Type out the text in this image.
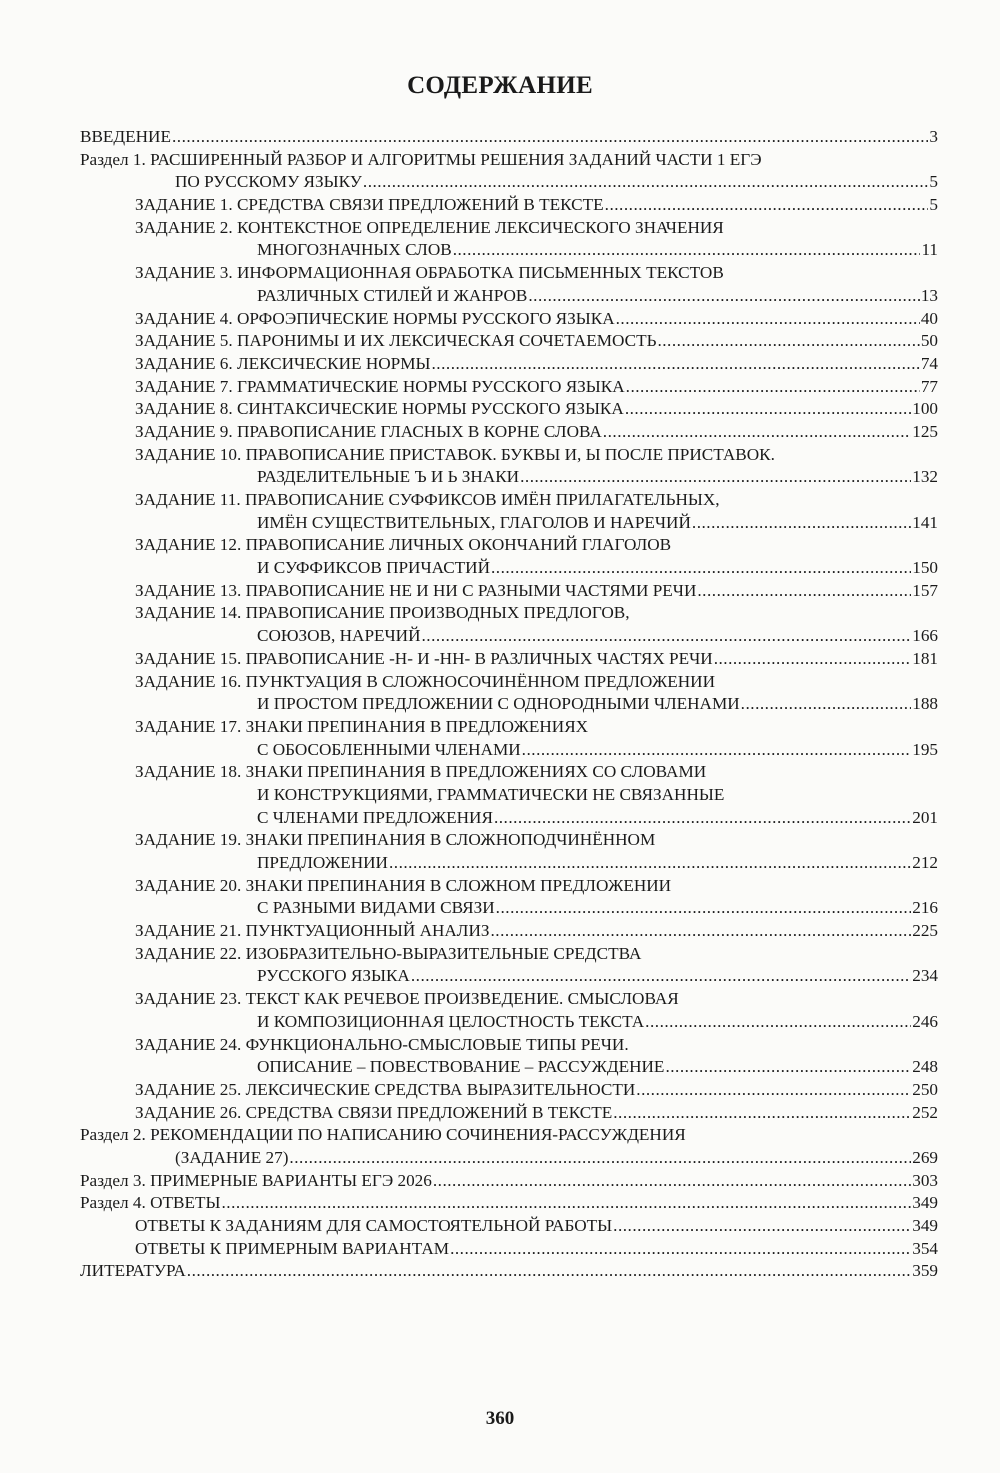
СОДЕРЖАНИЕ
ВВЕДЕНИЕ .....	3
Раздел 1. РАСШИРЕННЫЙ РАЗБОР И АЛГОРИТМЫ РЕШЕНИЯ ЗАДАНИЙ ЧАСТИ 1 ЕГЭ
ПО РУССКОМУ ЯЗЫКУ .....	5
ЗАДАНИЕ 1. СРЕДСТВА СВЯЗИ ПРЕДЛОЖЕНИЙ В ТЕКСТЕ .....	5
ЗАДАНИЕ 2. КОНТЕКСТНОЕ ОПРЕДЕЛЕНИЕ ЛЕКСИЧЕСКОГО ЗНАЧЕНИЯ
МНОГОЗНАЧНЫХ СЛОВ .....	11
ЗАДАНИЕ 3. ИНФОРМАЦИОННАЯ ОБРАБОТКА ПИСЬМЕННЫХ ТЕКСТОВ
РАЗЛИЧНЫХ СТИЛЕЙ И ЖАНРОВ .....	13
ЗАДАНИЕ 4. ОРФОЭПИЧЕСКИЕ НОРМЫ РУССКОГО ЯЗЫКА .....	40
ЗАДАНИЕ 5. ПАРОНИМЫ И ИХ ЛЕКСИЧЕСКАЯ СОЧЕТАЕМОСТЬ .....	50
ЗАДАНИЕ 6. ЛЕКСИЧЕСКИЕ НОРМЫ .....	74
ЗАДАНИЕ 7. ГРАММАТИЧЕСКИЕ НОРМЫ РУССКОГО ЯЗЫКА .....	77
ЗАДАНИЕ 8. СИНТАКСИЧЕСКИЕ НОРМЫ РУССКОГО ЯЗЫКА .....	100
ЗАДАНИЕ 9. ПРАВОПИСАНИЕ ГЛАСНЫХ В КОРНЕ СЛОВА .....	125
ЗАДАНИЕ 10. ПРАВОПИСАНИЕ ПРИСТАВОК. БУКВЫ И, Ы ПОСЛЕ ПРИСТАВОК.
РАЗДЕЛИТЕЛЬНЫЕ Ъ И Ь ЗНАКИ .....	132
ЗАДАНИЕ 11. ПРАВОПИСАНИЕ СУФФИКСОВ ИМЁН ПРИЛАГАТЕЛЬНЫХ,
ИМЁН СУЩЕСТВИТЕЛЬНЫХ, ГЛАГОЛОВ И НАРЕЧИЙ .....	141
ЗАДАНИЕ 12. ПРАВОПИСАНИЕ ЛИЧНЫХ ОКОНЧАНИЙ ГЛАГОЛОВ
И СУФФИКСОВ ПРИЧАСТИЙ .....	150
ЗАДАНИЕ 13. ПРАВОПИСАНИЕ НЕ И НИ С РАЗНЫМИ ЧАСТЯМИ РЕЧИ .....	157
ЗАДАНИЕ 14. ПРАВОПИСАНИЕ ПРОИЗВОДНЫХ ПРЕДЛОГОВ,
СОЮЗОВ, НАРЕЧИЙ .....	166
ЗАДАНИЕ 15. ПРАВОПИСАНИЕ -Н- И -НН- В РАЗЛИЧНЫХ ЧАСТЯХ РЕЧИ .....	181
ЗАДАНИЕ 16. ПУНКТУАЦИЯ В СЛОЖНОСОЧИНЁННОМ ПРЕДЛОЖЕНИИ
И ПРОСТОМ ПРЕДЛОЖЕНИИ С ОДНОРОДНЫМИ ЧЛЕНАМИ .....	188
ЗАДАНИЕ 17. ЗНАКИ ПРЕПИНАНИЯ В ПРЕДЛОЖЕНИЯХ
С ОБОСОБЛЕННЫМИ ЧЛЕНАМИ .....	195
ЗАДАНИЕ 18. ЗНАКИ ПРЕПИНАНИЯ В ПРЕДЛОЖЕНИЯХ СО СЛОВАМИ
И КОНСТРУКЦИЯМИ, ГРАММАТИЧЕСКИ НЕ СВЯЗАННЫЕ
С ЧЛЕНАМИ ПРЕДЛОЖЕНИЯ .....	201
ЗАДАНИЕ 19. ЗНАКИ ПРЕПИНАНИЯ В СЛОЖНОПОДЧИНЁННОМ
ПРЕДЛОЖЕНИИ .....	212
ЗАДАНИЕ 20. ЗНАКИ ПРЕПИНАНИЯ В СЛОЖНОМ ПРЕДЛОЖЕНИИ
С РАЗНЫМИ ВИДАМИ СВЯЗИ .....	216
ЗАДАНИЕ 21. ПУНКТУАЦИОННЫЙ АНАЛИЗ .....	225
ЗАДАНИЕ 22. ИЗОБРАЗИТЕЛЬНО-ВЫРАЗИТЕЛЬНЫЕ СРЕДСТВА
РУССКОГО ЯЗЫКА .....	234
ЗАДАНИЕ 23. ТЕКСТ КАК РЕЧЕВОЕ ПРОИЗВЕДЕНИЕ. СМЫСЛОВАЯ
И КОМПОЗИЦИОННАЯ ЦЕЛОСТНОСТЬ ТЕКСТА .....	246
ЗАДАНИЕ 24. ФУНКЦИОНАЛЬНО-СМЫСЛОВЫЕ ТИПЫ РЕЧИ.
ОПИСАНИЕ – ПОВЕСТВОВАНИЕ – РАССУЖДЕНИЕ .....	248
ЗАДАНИЕ 25. ЛЕКСИЧЕСКИЕ СРЕДСТВА ВЫРАЗИТЕЛЬНОСТИ .....	250
ЗАДАНИЕ 26. СРЕДСТВА СВЯЗИ ПРЕДЛОЖЕНИЙ В ТЕКСТЕ .....	252
Раздел 2. РЕКОМЕНДАЦИИ ПО НАПИСАНИЮ СОЧИНЕНИЯ-РАССУЖДЕНИЯ
(ЗАДАНИЕ 27) .....	269
Раздел 3. ПРИМЕРНЫЕ ВАРИАНТЫ ЕГЭ 2026 .....	303
Раздел 4. ОТВЕТЫ .....	349
ОТВЕТЫ К ЗАДАНИЯМ ДЛЯ САМОСТОЯТЕЛЬНОЙ РАБОТЫ .....	349
ОТВЕТЫ К ПРИМЕРНЫМ ВАРИАНТАМ .....	354
ЛИТЕРАТУРА .....	359
360
